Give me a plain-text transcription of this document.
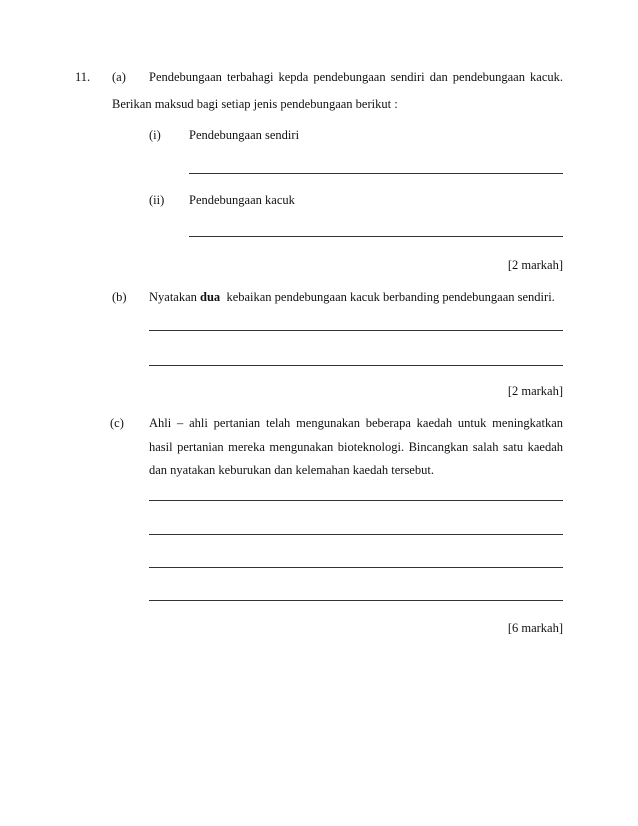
11. (a) Pendebungaan terbahagi kepda pendebungaan sendiri dan pendebungaan kacuk.
Berikan maksud bagi setiap jenis pendebungaan berikut :
(i) Pendebungaan sendiri
(ii) Pendebungaan kacuk
[2 markah]
(b) Nyatakan dua  kebaikan pendebungaan kacuk berbanding pendebungaan sendiri.
[2 markah]
(c) Ahli – ahli pertanian telah mengunakan beberapa kaedah untuk meningkatkan
hasil pertanian mereka mengunakan bioteknologi. Bincangkan salah satu kaedah
dan nyatakan keburukan dan kelemahan kaedah tersebut.
[6 markah]
